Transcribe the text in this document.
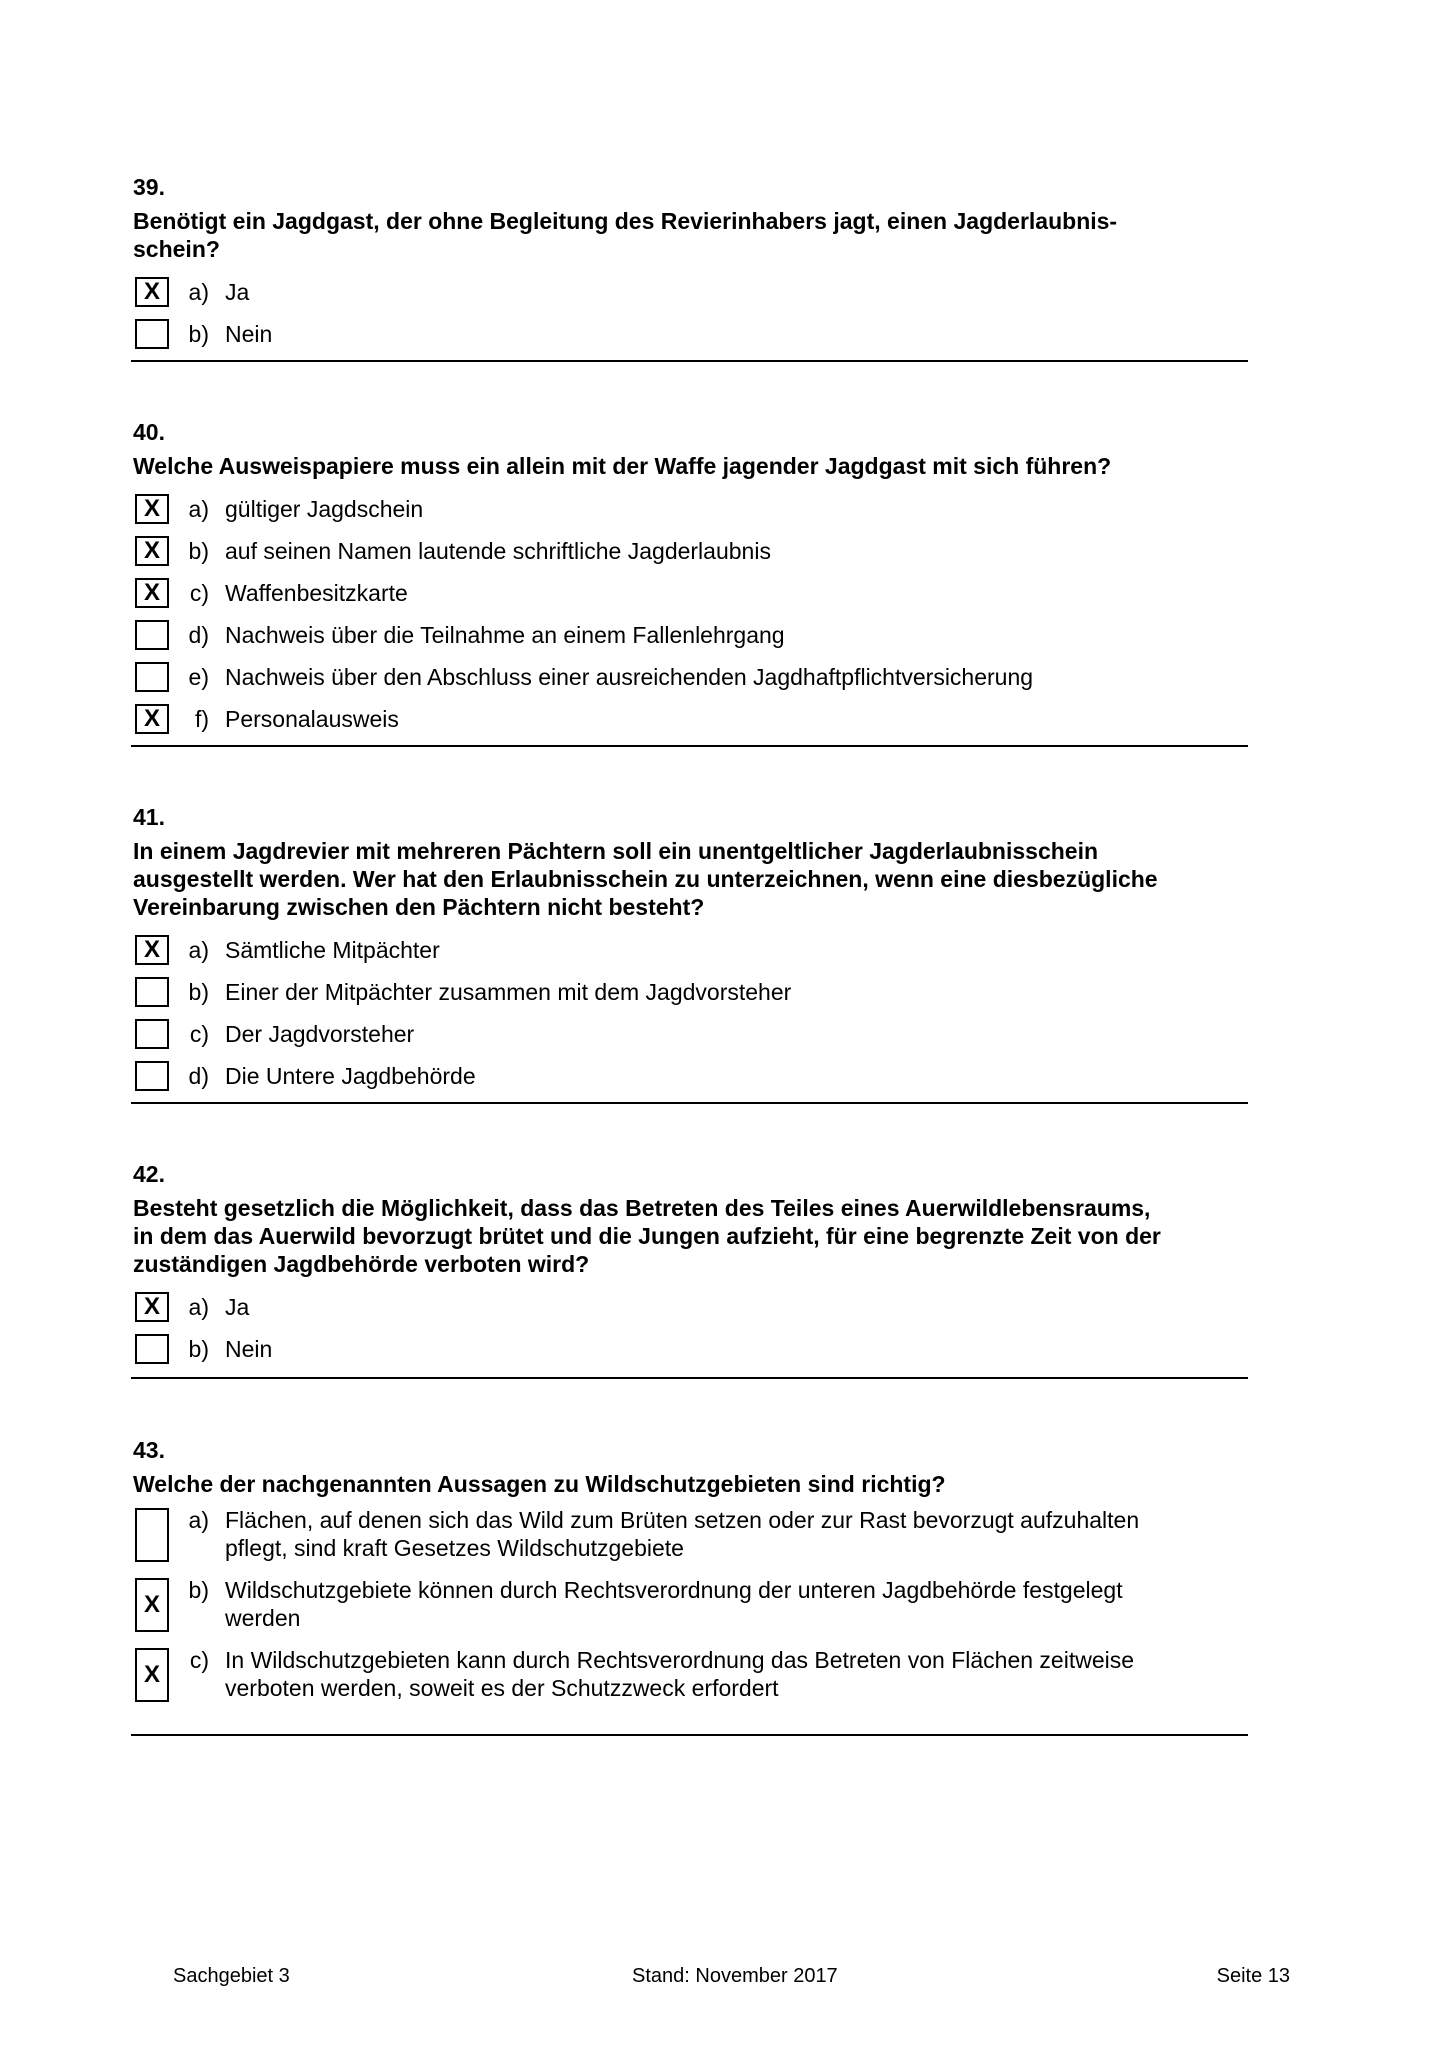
39.
Benötigt ein Jagdgast, der ohne Begleitung des Revierinhabers jagt, einen Jagderlaubnis-
schein?
X	a) Ja
b) Nein
40.
Welche Ausweispapiere muss ein allein mit der Waffe jagender Jagdgast mit sich führen?
X	a) gültiger Jagdschein
X	b) auf seinen Namen lautende schriftliche Jagderlaubnis
X	c) Waffenbesitzkarte
d) Nachweis über die Teilnahme an einem Fallenlehrgang
e) Nachweis über den Abschluss einer ausreichenden Jagdhaftpflichtversicherung
X	f) Personalausweis
41.
In einem Jagdrevier mit mehreren Pächtern soll ein unentgeltlicher Jagderlaubnisschein
ausgestellt werden. Wer hat den Erlaubnisschein zu unterzeichnen, wenn eine diesbezügliche
Vereinbarung zwischen den Pächtern nicht besteht?
X	a) Sämtliche Mitpächter
b) Einer der Mitpächter zusammen mit dem Jagdvorsteher
c) Der Jagdvorsteher
d) Die Untere Jagdbehörde
42.
Besteht gesetzlich die Möglichkeit, dass das Betreten des Teiles eines Auerwildlebensraums,
in dem das Auerwild bevorzugt brütet und die Jungen aufzieht, für eine begrenzte Zeit von der
zuständigen Jagdbehörde verboten wird?
X	a) Ja
b) Nein
43.
Welche der nachgenannten Aussagen zu Wildschutzgebieten sind richtig?
a) Flächen, auf denen sich das Wild zum Brüten setzen oder zur Rast bevorzugt aufzuhalten
pflegt, sind kraft Gesetzes Wildschutzgebiete
X
b) Wildschutzgebiete können durch Rechtsverordnung der unteren Jagdbehörde festgelegt
werden
X
c) In Wildschutzgebieten kann durch Rechtsverordnung das Betreten von Flächen zeitweise
verboten werden, soweit es der Schutzzweck erfordert
Sachgebiet 3	Stand: November 2017	Seite 13
